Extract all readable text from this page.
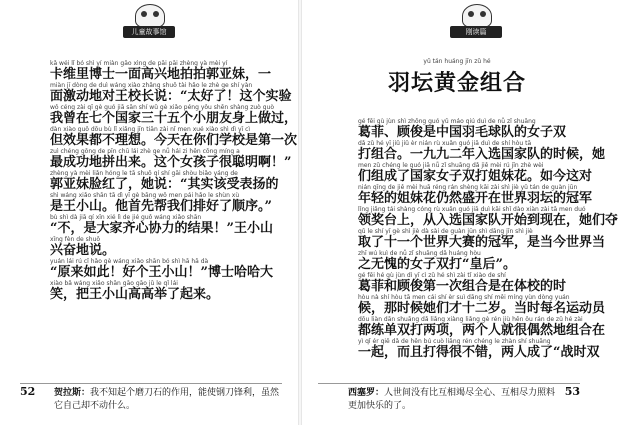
儿童故事馆
kǎ wéi lǐ bó shì yí miàn gāo xìng de pāi pāi zhèng yà mèi yí
卡维里博士一面高兴地拍拍郭亚妹，一
miàn jī dòng de duì wáng xiào zhǎng shuō tài hǎo le zhè ge shí yàn
面激动地对王校长说：“太好了！这个实验
wǒ céng zài qī gè guó jiā sān shí wǔ gè xiǎo péng yǒu shēn shàng zuò guò
我曾在七个国家三十五个小朋友身上做过，
dàn xiào guǒ dōu bù lǐ xiǎng jīn tiān zài nǐ men xué xiào shì dì yī cì
但效果都不理想。今天在你们学校是第一次
zuì chéng gōng de pīn chū lái zhè ge nǚ hái zi hěn cōng míng a
最成功地拼出来。这个女孩子很聪明啊！”
zhèng yà mèi liǎn hóng le tā shuō qí shí gāi shòu biǎo yáng de
郭亚妹脸红了，她说：“其实该受表扬的
shì wáng xiǎo shān tā dì yī gè bāng wǒ men pái hǎo le shùn xù
是王小山。他首先帮我们排好了顺序。”
bù shì dà jiā qí xīn xié lì de jié guǒ wáng xiǎo shān
“不，是大家齐心协力的结果！”王小山
xīng fèn de shuō
兴奋地说。
yuán lái rú cǐ hǎo gè wáng xiǎo shān bó shì hā hā dà
“原来如此！好个王小山！”博士哈哈大
xiào bǎ wáng xiǎo shān gāo gāo jǔ le qǐ lái
笑，把王小山高高举了起来。
贺拉斯：我不知起个磨刀石的作用，能使钢刀锋利，虽然它自己却不动什么。
52
刚读篇
yǔ tán huáng jīn zǔ hé
羽坛黄金组合
gé fēi gù jùn shì zhōng guó yǔ máo qiú duì de nǚ zǐ shuāng
葛菲、顾俊是中国羽毛球队的女子双
dǎ zǔ hé yī jiǔ jiǔ èr nián rù xuǎn guó jiā duì de shí hòu tā
打组合。一九九二年入选国家队的时候，她
men zǔ chéng le guó jiā nǚ zǐ shuāng dǎ jiě mèi rú jīn zhè wèi
们组成了国家女子双打姐妹花。如今这对
nián qīng de jiě mèi huā réng rán shèng kāi zài shì jiè yǔ tán de guàn jūn
年轻的姐妹花仍然盛开在世界羽坛的冠军
lǐng jiǎng tái shàng cóng rù xuǎn guó jiā duì kāi shǐ dào xiàn zài tā men duó
领奖台上，从入选国家队开始到现在，她们夺
qǔ le shí yī gè shì jiè dà sài de guàn jūn shì dāng jīn shì jiè
取了十一个世界大赛的冠军，是当今世界当
zhī wú kuì de nǚ zǐ shuāng dǎ huáng hòu
之无愧的女子双打“皇后”。
gé fēi hé gù jùn dì yī cì zǔ hé shì zài tǐ xiào de shí
葛菲和顾俊第一次组合是在体校的时
hòu nà shí hòu tā men cái shí èr suì dāng shí měi míng yùn dòng yuán
候，那时候她们才十二岁。当时每名运动员
dōu liàn dān shuāng dǎ liǎng xiàng liǎng gè rén jiù hěn ǒu rán de zǔ hé zài
都练单双打两项，两个人就很偶然地组合在
yì qǐ ér qiě dǎ de hěn bú cuò liǎng rén chéng le zhàn shí shuāng
一起，而且打得很不错，两人成了“战时双
西塞罗：人世间没有比互相竭尽全心、互相尽力照料更加快乐的了。
53
